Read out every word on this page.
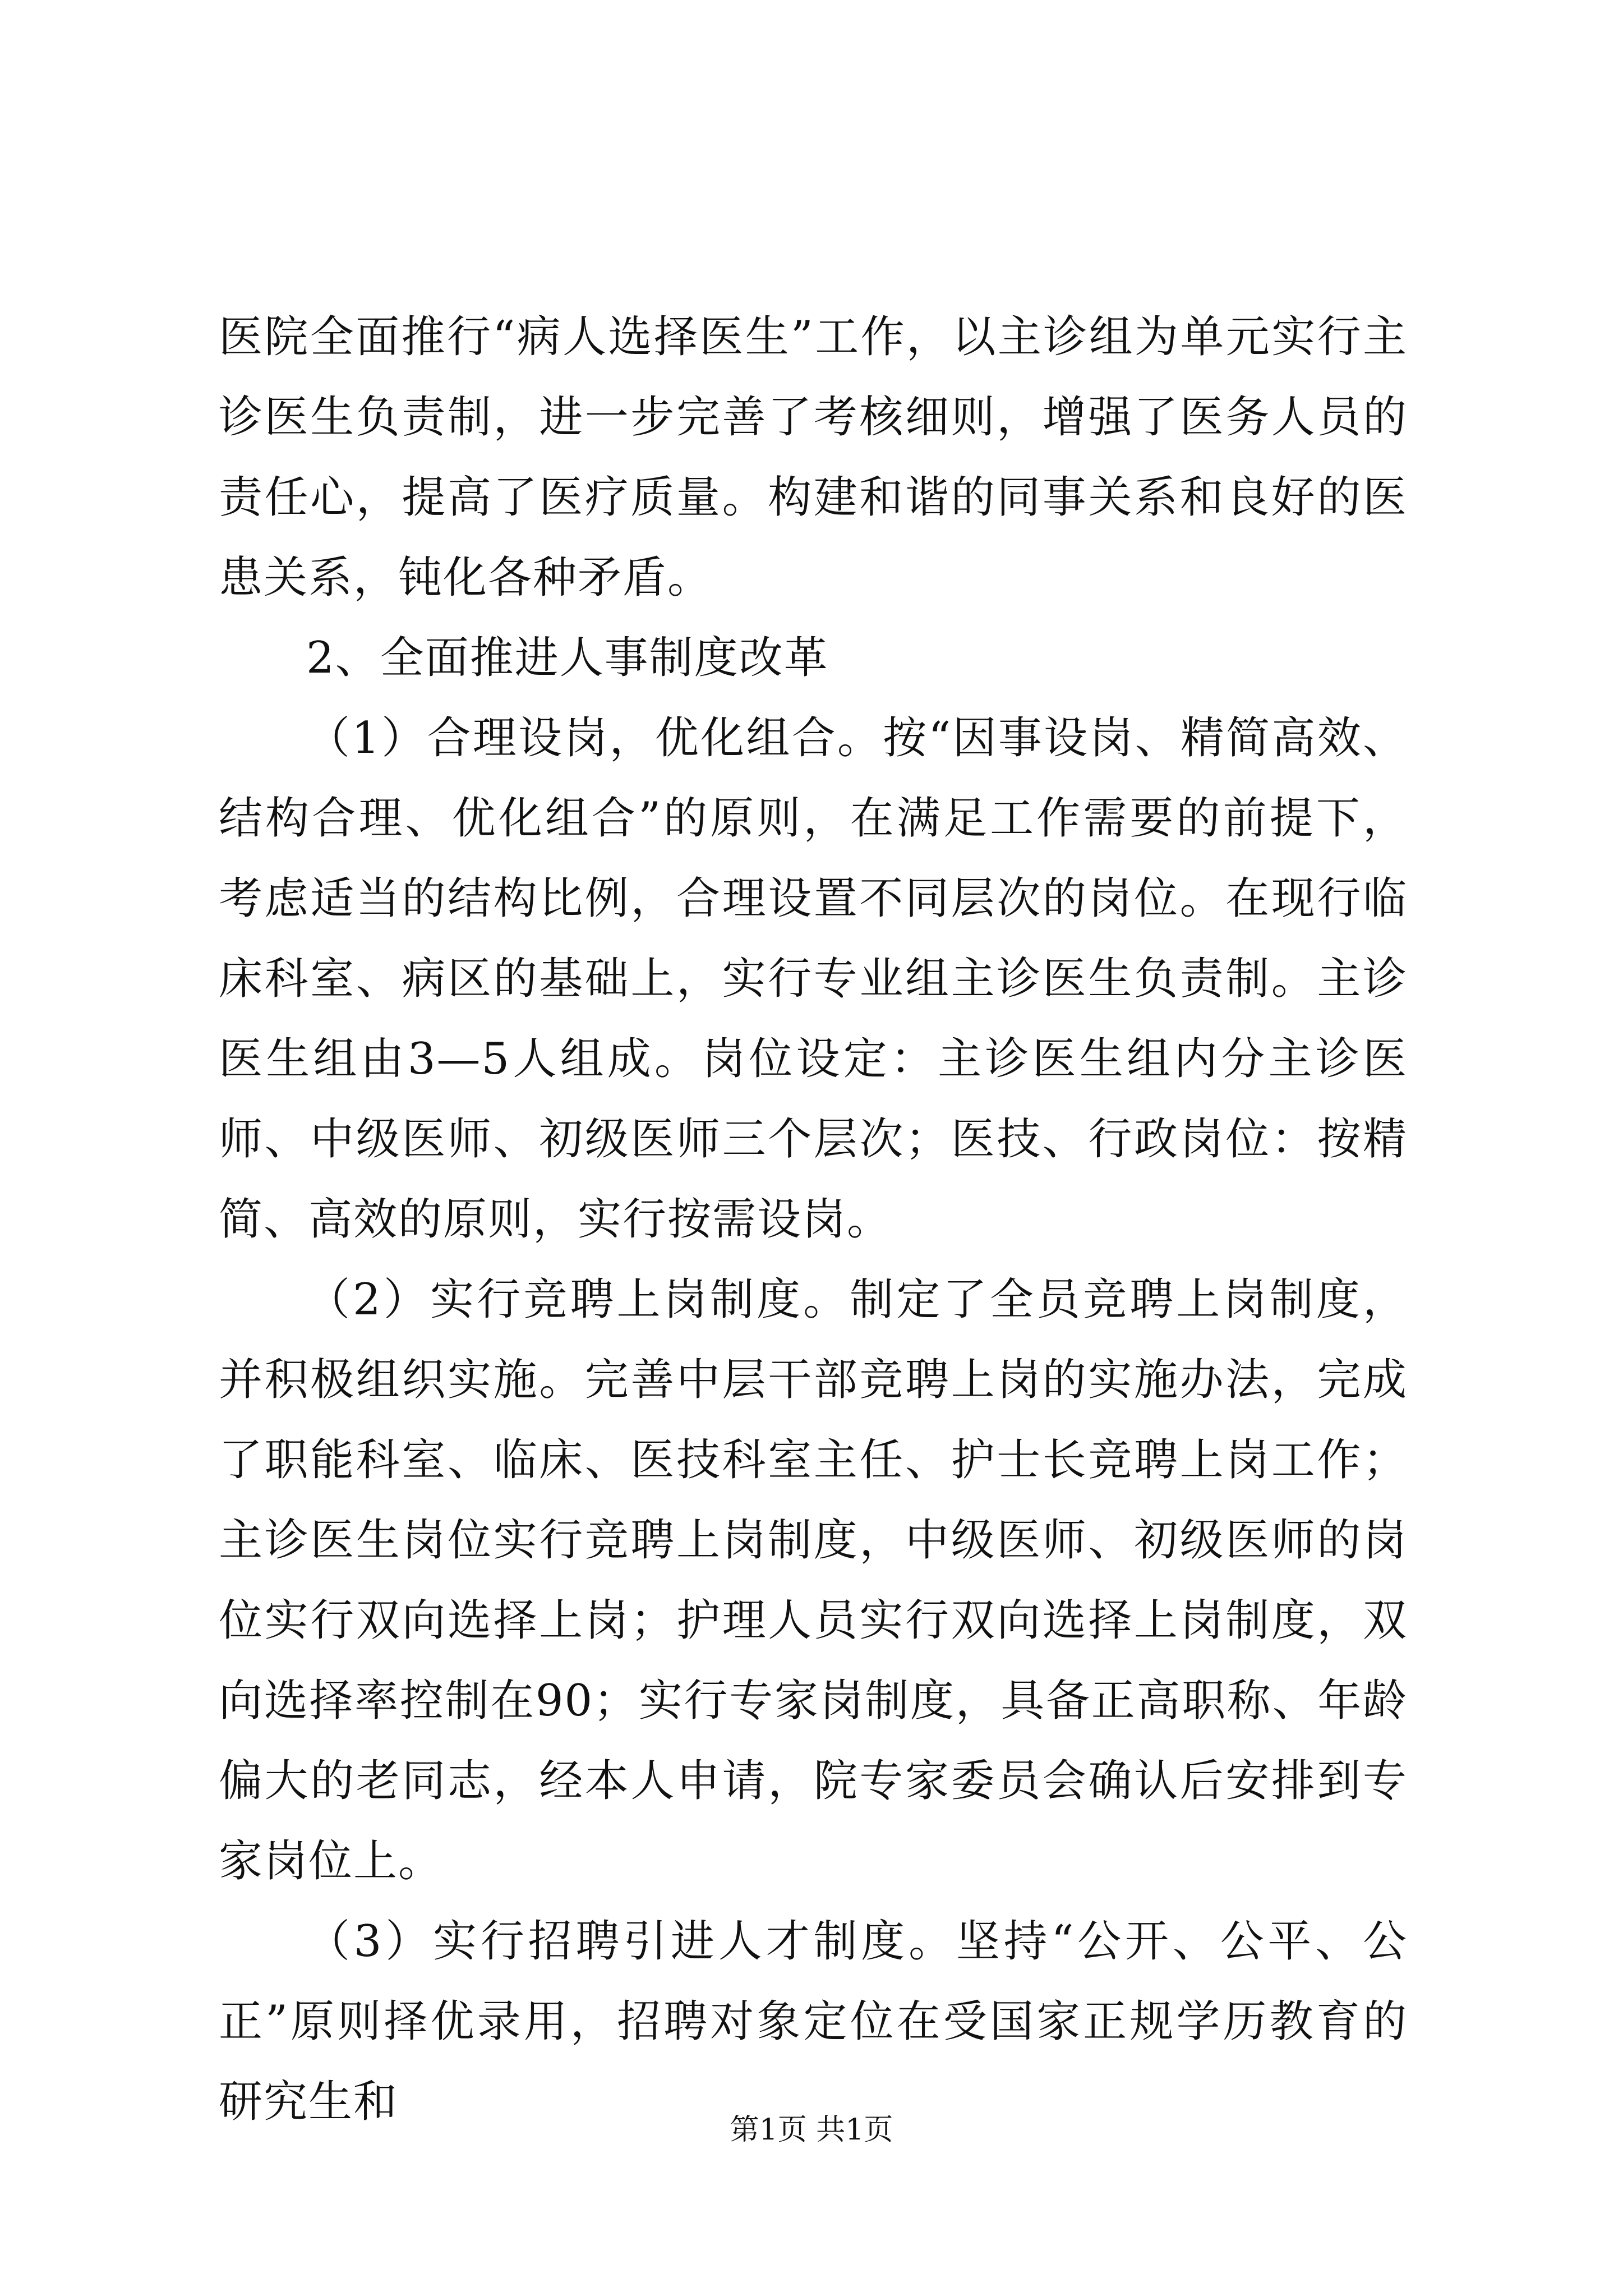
医院全面推行“病人选择医生”工作，以主诊组为单元实行主诊医生负责制，进一步完善了考核细则，增强了医务人员的责任心，提高了医疗质量。构建和谐的同事关系和良好的医患关系，钝化各种矛盾。

2、全面推进人事制度改革

（1）合理设岗，优化组合。按“因事设岗、精简高效、结构合理、优化组合”的原则，在满足工作需要的前提下，考虑适当的结构比例，合理设置不同层次的岗位。在现行临床科室、病区的基础上，实行专业组主诊医生负责制。主诊医生组由3—5人组成。岗位设定：主诊医生组内分主诊医师、中级医师、初级医师三个层次；医技、行政岗位：按精简、高效的原则，实行按需设岗。

（2）实行竞聘上岗制度。制定了全员竞聘上岗制度，并积极组织实施。完善中层干部竞聘上岗的实施办法，完成了职能科室、临床、医技科室主任、护士长竞聘上岗工作；主诊医生岗位实行竞聘上岗制度，中级医师、初级医师的岗位实行双向选择上岗；护理人员实行双向选择上岗制度，双向选择率控制在90；实行专家岗制度，具备正高职称、年龄偏大的老同志，经本人申请，院专家委员会确认后安排到专家岗位上。

（3）实行招聘引进人才制度。坚持“公开、公平、公正”原则择优录用，招聘对象定位在受国家正规学历教育的研究生和

第1页 共1页
